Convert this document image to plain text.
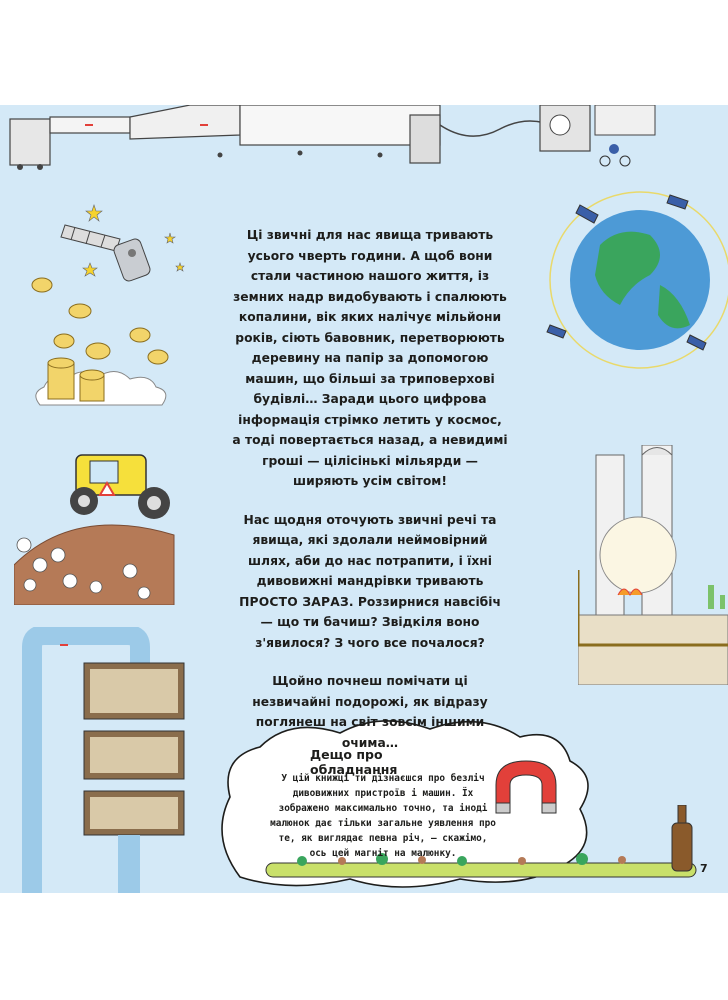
Ці звичні для нас явища тривають усього чверть години. А щоб вони стали частиною нашого життя, із земних надр видобувають і спалюють копалини, вік яких налічує мільйони років, сіють бавовник, перетворюють деревину на папір за допомогою машин, що більші за триповерхові будівлі… Заради цього цифрова інформація стрімко летить у космос, а тоді повертається назад, а невидимі гроші — цілісінькі мільярди — ширяють усім світом!

Нас щодня оточують звичні речі та явища, які здолали неймовірний шлях, аби до нас потрапити, і їхні дивовижні мандрівки тривають ПРОСТО ЗАРАЗ. Роззирнися навсібіч — що ти бачиш? Звідкіля воно з'явилося? З чого все почалося?

Щойно почнеш помічати ці незвичайні подорожі, як відразу поглянеш на світ зовсім іншими очима…

Дещо про обладнання
У цій книжці ти дізнаєшся про безліч дивовижних пристроїв і машин. Їх зображено максимально точно, та іноді малюнок дає тільки загальне уявлення про те, як виглядає певна річ, — скажімо, ось цей магніт на малюнку.
7
